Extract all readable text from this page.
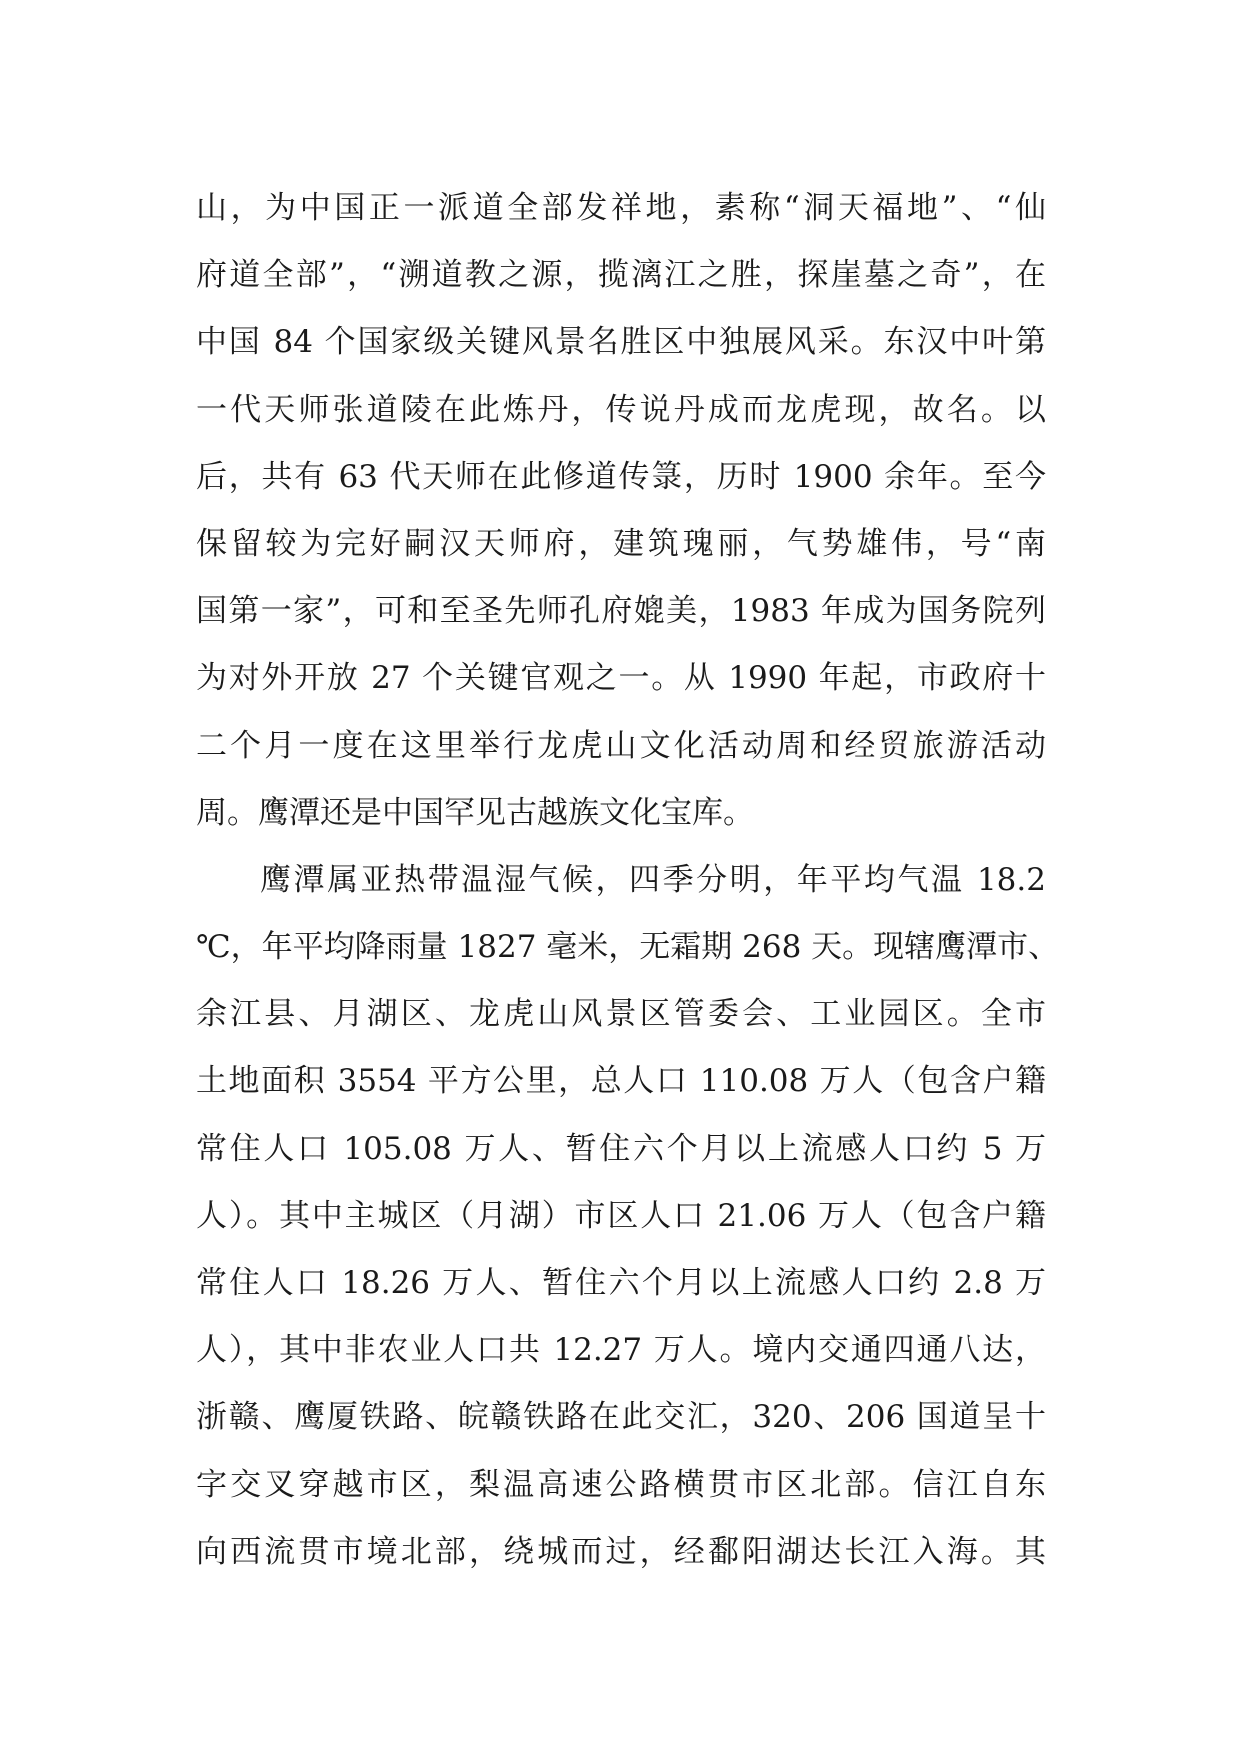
山，为中国正一派道全部发祥地，素称“洞天福地”、“仙
府道全部”，“溯道教之源，揽漓江之胜，探崖墓之奇”，在
中国 84 个国家级关键风景名胜区中独展风采。东汉中叶第
一代天师张道陵在此炼丹，传说丹成而龙虎现，故名。以
后，共有 63 代天师在此修道传箓，历时 1900 余年。至今
保留较为完好嗣汉天师府，建筑瑰丽，气势雄伟，号“南
国第一家”，可和至圣先师孔府媲美，1983 年成为国务院列
为对外开放 27 个关键官观之一。从 1990 年起，市政府十
二个月一度在这里举行龙虎山文化活动周和经贸旅游活动
周。鹰潭还是中国罕见古越族文化宝库。
鹰潭属亚热带温湿气候，四季分明，年平均气温 18.2
℃，年平均降雨量 1827 毫米，无霜期 268 天。现辖鹰潭市、
余江县、月湖区、龙虎山风景区管委会、工业园区。全市
土地面积 3554 平方公里，总人口 110.08 万人（包含户籍
常住人口 105.08 万人、暂住六个月以上流感人口约 5 万
人）。其中主城区（月湖）市区人口 21.06 万人（包含户籍
常住人口 18.26 万人、暂住六个月以上流感人口约 2.8 万
人），其中非农业人口共 12.27 万人。境内交通四通八达，
浙赣、鹰厦铁路、皖赣铁路在此交汇，320、206 国道呈十
字交叉穿越市区，梨温高速公路横贯市区北部。信江自东
向西流贯市境北部，绕城而过，经鄱阳湖达长江入海。其
